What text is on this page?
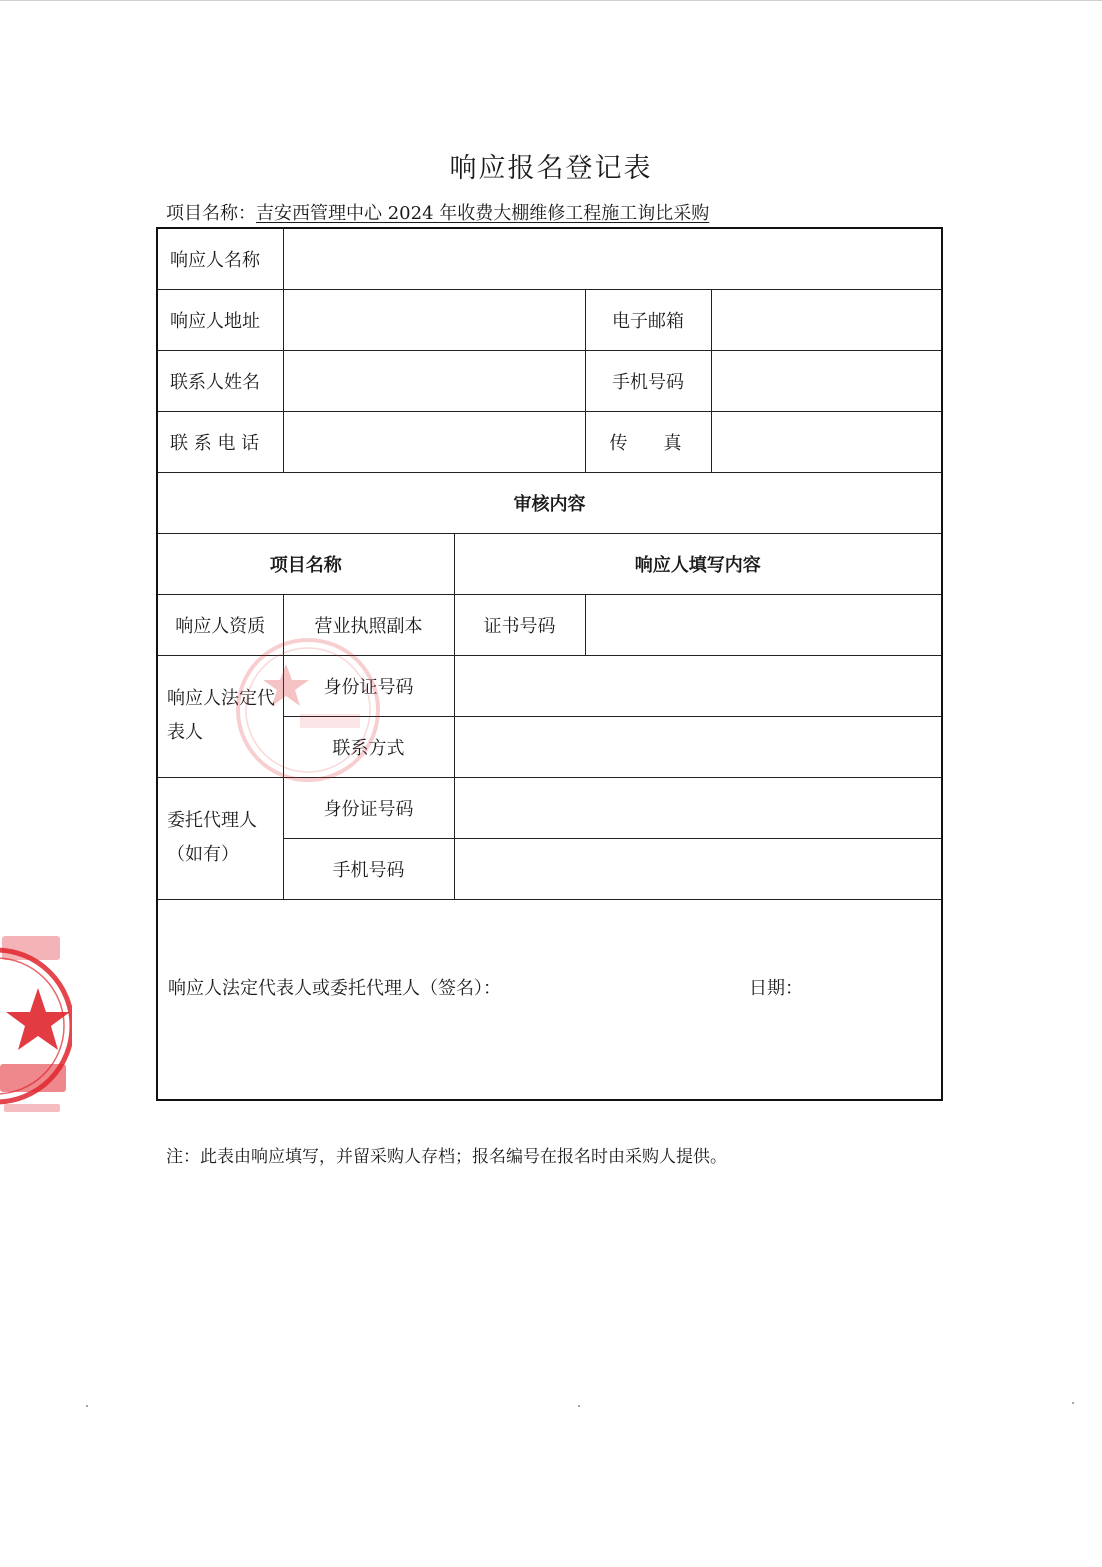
响应报名登记表
项目名称：吉安西管理中心 2024 年收费大棚维修工程施工询比采购
响应人名称				
响应人地址			电子邮箱	
联系人姓名			手机号码	
联 系 电 话			传　　真	
审核内容				
项目名称		响应人填写内容		
响应人资质	营业执照副本	证书号码		
响应人法定代表人	身份证号码			
	联系方式			
委托代理人（如有）	身份证号码			
	手机号码			

响应人法定代表人或委托代理人（签名）： 日期：				
注：此表由响应填写，并留采购人存档；报名编号在报名时由采购人提供。
